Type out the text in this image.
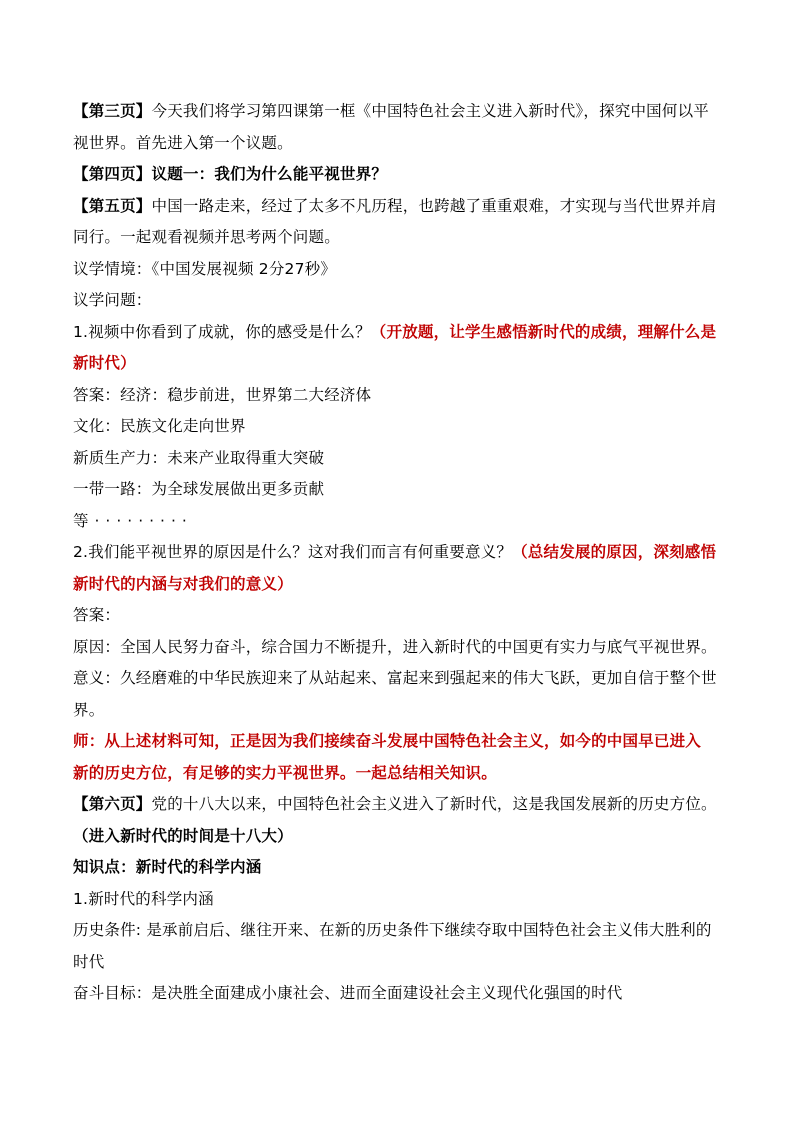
【第三页】今天我们将学习第四课第一框《中国特色社会主义进入新时代》，探究中国何以平
视世界。首先进入第一个议题。
【第四页】议题一：我们为什么能平视世界？
【第五页】中国一路走来，经过了太多不凡历程，也跨越了重重艰难，才实现与当代世界并肩
同行。一起观看视频并思考两个问题。
议学情境：《中国发展视频 2分27秒》
议学问题：
1.视频中你看到了成就，你的感受是什么？（开放题，让学生感悟新时代的成绩，理解什么是
新时代）
答案：经济：稳步前进，世界第二大经济体
文化：民族文化走向世界
新质生产力：未来产业取得重大突破
一带一路：为全球发展做出更多贡献
等·········
2.我们能平视世界的原因是什么？这对我们而言有何重要意义？（总结发展的原因，深刻感悟
新时代的内涵与对我们的意义）
答案：
原因：全国人民努力奋斗，综合国力不断提升，进入新时代的中国更有实力与底气平视世界。
意义：久经磨难的中华民族迎来了从站起来、富起来到强起来的伟大飞跃，更加自信于整个世
界。
师：从上述材料可知，正是因为我们接续奋斗发展中国特色社会主义，如今的中国早已进入
新的历史方位，有足够的实力平视世界。一起总结相关知识。
【第六页】党的十八大以来，中国特色社会主义进入了新时代，这是我国发展新的历史方位。
（进入新时代的时间是十八大）
知识点：新时代的科学内涵
1.新时代的科学内涵
历史条件: 是承前启后、继往开来、在新的历史条件下继续夺取中国特色社会主义伟大胜利的
时代
奋斗目标：是决胜全面建成小康社会、进而全面建设社会主义现代化强国的时代
